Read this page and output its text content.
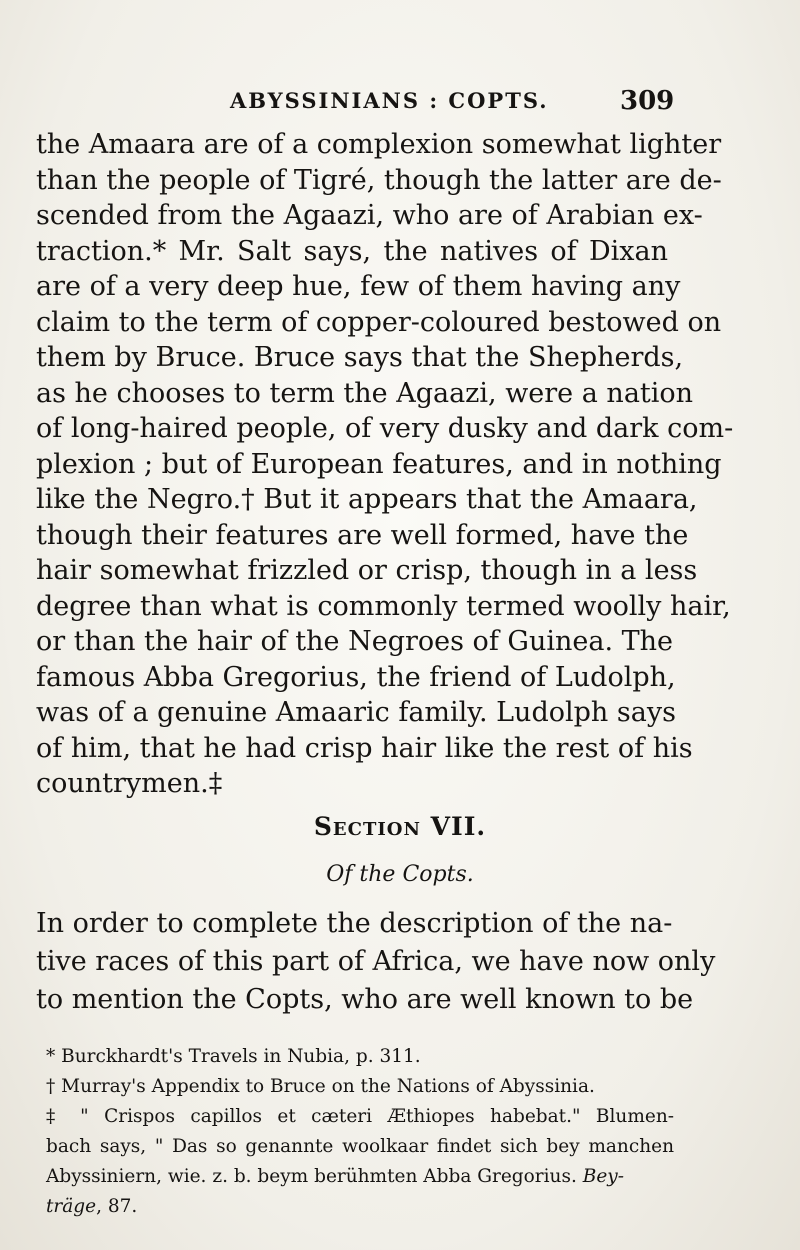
ABYSSINIANS : COPTS.	309
the Amaara are of a complexion somewhat lighter
than the people of Tigré, though the latter are de-
scended from the Agaazi, who are of Arabian ex-
traction.* Mr. Salt says, the natives of Dixan
are of a very deep hue, few of them having any
claim to the term of copper-coloured bestowed on
them by Bruce. Bruce says that the Shepherds,
as he chooses to term the Agaazi, were a nation
of long-haired people, of very dusky and dark com-
plexion ; but of European features, and in nothing
like the Negro.† But it appears that the Amaara,
though their features are well formed, have the
hair somewhat frizzled or crisp, though in a less
degree than what is commonly termed woolly hair,
or than the hair of the Negroes of Guinea. The
famous Abba Gregorius, the friend of Ludolph,
was of a genuine Amaaric family. Ludolph says
of him, that he had crisp hair like the rest of his
countrymen.‡
Section VII.
Of the Copts.
In order to complete the description of the na-
tive races of this part of Africa, we have now only
to mention the Copts, who are well known to be
* Burckhardt's Travels in Nubia, p. 311.
† Murray's Appendix to Bruce on the Nations of Abyssinia.
‡ " Crispos capillos et cæteri Æthiopes habebat." Blumen-
bach says, " Das so genannte woolkaar findet sich bey manchen
Abyssiniern, wie. z. b. beym berühmten Abba Gregorius. Bey-
träge, 87.
